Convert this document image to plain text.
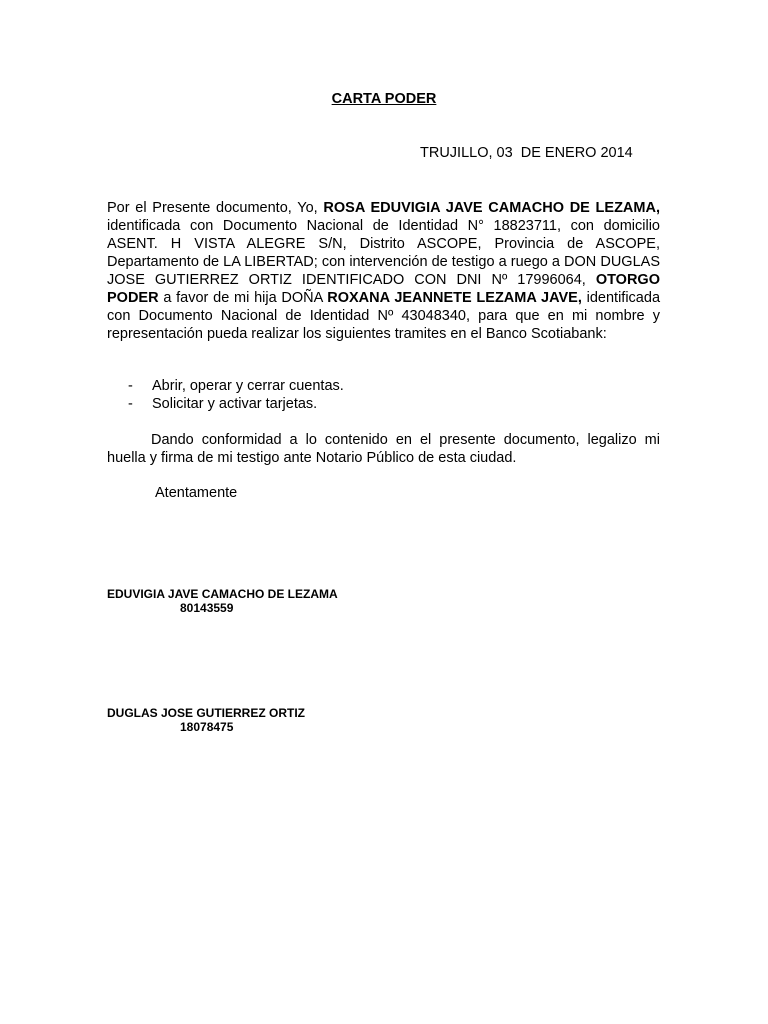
CARTA PODER
TRUJILLO, 03  DE ENERO 2014
Por el Presente documento, Yo, ROSA EDUVIGIA JAVE CAMACHO DE LEZAMA, identificada con Documento Nacional de Identidad N° 18823711, con domicilio ASENT. H VISTA ALEGRE S/N, Distrito ASCOPE, Provincia de ASCOPE, Departamento de LA LIBERTAD; con intervención de testigo a ruego a DON DUGLAS JOSE GUTIERREZ ORTIZ IDENTIFICADO CON DNI Nº 17996064, OTORGO PODER a favor de mi hija DOÑA ROXANA JEANNETE LEZAMA JAVE, identificada con Documento Nacional de Identidad Nº 43048340, para que en mi nombre y representación pueda realizar los siguientes tramites en el Banco Scotiabank:
- Abrir, operar y cerrar cuentas.
- Solicitar y activar tarjetas.
Dando conformidad a lo contenido en el presente documento, legalizo mi huella y firma de mi testigo ante Notario Público de esta ciudad.
Atentamente
EDUVIGIA JAVE CAMACHO DE LEZAMA
80143559
DUGLAS JOSE GUTIERREZ ORTIZ
18078475
